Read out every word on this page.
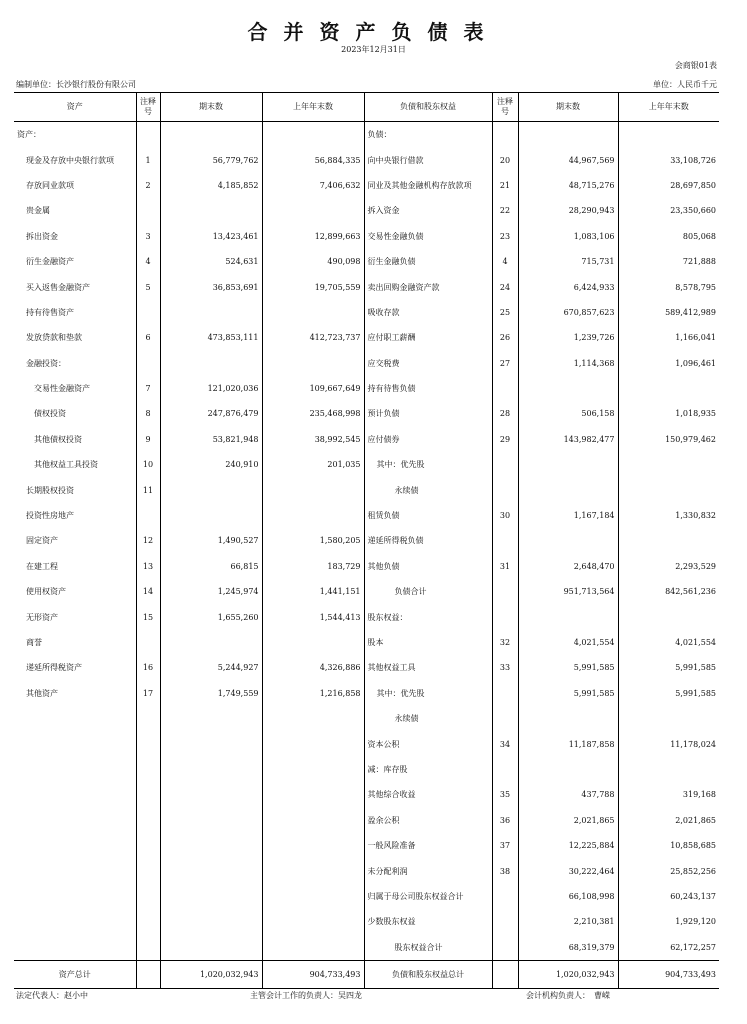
合并资产负债表
2023年12月31日
会商银01表
编制单位：长沙银行股份有限公司	单位：人民币千元
资产	注释号	期末数	上年年末数	负债和股东权益	注释号	期末数	上年年末数
资产：				负债：			
现金及存放中央银行款项	1	56,779,762	56,884,335	向中央银行借款	20	44,967,569	33,108,726
存放同业款项	2	4,185,852	7,406,632	同业及其他金融机构存放款项	21	48,715,276	28,697,850
贵金属				拆入资金	22	28,290,943	23,350,660
拆出资金	3	13,423,461	12,899,663	交易性金融负债	23	1,083,106	805,068
衍生金融资产	4	524,631	490,098	衍生金融负债	4	715,731	721,888
买入返售金融资产	5	36,853,691	19,705,559	卖出回购金融资产款	24	6,424,933	8,578,795
持有待售资产				吸收存款	25	670,857,623	589,412,989
发放贷款和垫款	6	473,853,111	412,723,737	应付职工薪酬	26	1,239,726	1,166,041
金融投资：				应交税费	27	1,114,368	1,096,461
交易性金融资产	7	121,020,036	109,667,649	持有待售负债			
债权投资	8	247,876,479	235,468,998	预计负债	28	506,158	1,018,935
其他债权投资	9	53,821,948	38,992,545	应付债券	29	143,982,477	150,979,462
其他权益工具投资	10	240,910	201,035	其中：优先股			
长期股权投资	11			永续债			
投资性房地产				租赁负债	30	1,167,184	1,330,832
固定资产	12	1,490,527	1,580,205	递延所得税负债			
在建工程	13	66,815	183,729	其他负债	31	2,648,470	2,293,529
使用权资产	14	1,245,974	1,441,151	负债合计		951,713,564	842,561,236
无形资产	15	1,655,260	1,544,413	股东权益：			
商誉				股本	32	4,021,554	4,021,554
递延所得税资产	16	5,244,927	4,326,886	其他权益工具	33	5,991,585	5,991,585
其他资产	17	1,749,559	1,216,858	其中：优先股		5,991,585	5,991,585
				永续债			
				资本公积	34	11,187,858	11,178,024
				减：库存股			
				其他综合收益	35	437,788	319,168
				盈余公积	36	2,021,865	2,021,865
				一般风险准备	37	12,225,884	10,858,685
				未分配利润	38	30,222,464	25,852,256
				归属于母公司股东权益合计		66,108,998	60,243,137
				少数股东权益		2,210,381	1,929,120
				股东权益合计		68,319,379	62,172,257
资产总计		1,020,032,943	904,733,493	负债和股东权益总计		1,020,032,943	904,733,493
法定代表人：赵小中	主管会计工作的负责人：吴四龙	会计机构负责人：　曹嵘
